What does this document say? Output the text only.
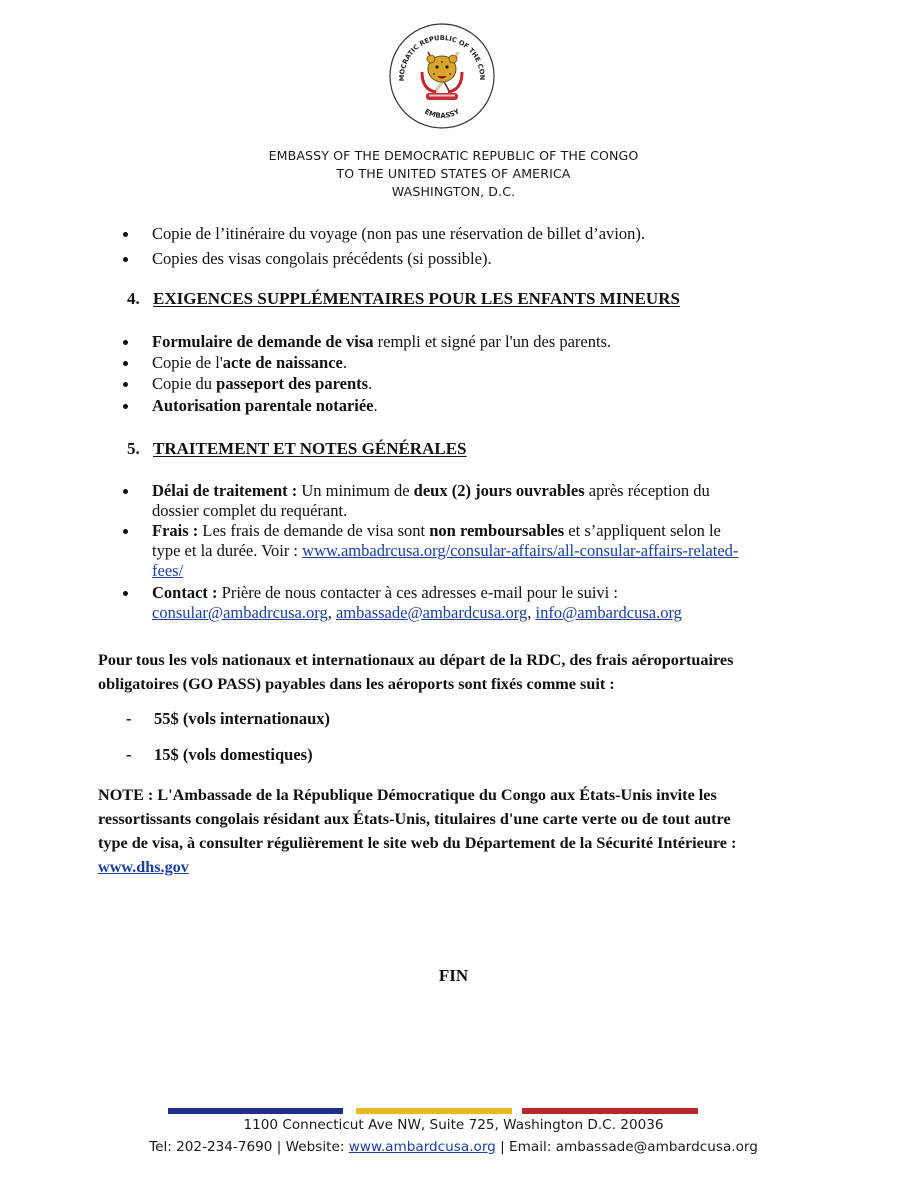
MOCRATIC REPUBLIC OF THE CON
EMBASSY
EMBASSY OF THE DEMOCRATIC REPUBLIC OF THE CONGO
TO THE UNITED STATES OF AMERICA
WASHINGTON, D.C.
Copie de l’itinéraire du voyage (non pas une réservation de billet d’avion).
Copies des visas congolais précédents (si possible).
4. EXIGENCES SUPPLÉMENTAIRES POUR LES ENFANTS MINEURS
Formulaire de demande de visa rempli et signé par l'un des parents.
Copie de l'acte de naissance.
Copie du passeport des parents.
Autorisation parentale notariée.
5. TRAITEMENT ET NOTES GÉNÉRALES
Délai de traitement : Un minimum de deux (2) jours ouvrables après réception du
dossier complet du requérant.
Frais : Les frais de demande de visa sont non remboursables et s’appliquent selon le
type et la durée. Voir : www.ambadrcusa.org/consular-affairs/all-consular-affairs-related-
fees/
Contact : Prière de nous contacter à ces adresses e-mail pour le suivi :
consular@ambadrcusa.org, ambassade@ambardcusa.org, info@ambardcusa.org
Pour tous les vols nationaux et internationaux au départ de la RDC, des frais aéroportuaires
obligatoires (GO PASS) payables dans les aéroports sont fixés comme suit :
- 55$ (vols internationaux)
- 15$ (vols domestiques)
NOTE : L'Ambassade de la République Démocratique du Congo aux États-Unis invite les
ressortissants congolais résidant aux États-Unis, titulaires d'une carte verte ou de tout autre
type de visa, à consulter régulièrement le site web du Département de la Sécurité Intérieure :
www.dhs.gov
FIN
1100 Connecticut Ave NW, Suite 725, Washington D.C. 20036
Tel: 202-234-7690 | Website: www.ambardcusa.org | Email: ambassade@ambardcusa.org
